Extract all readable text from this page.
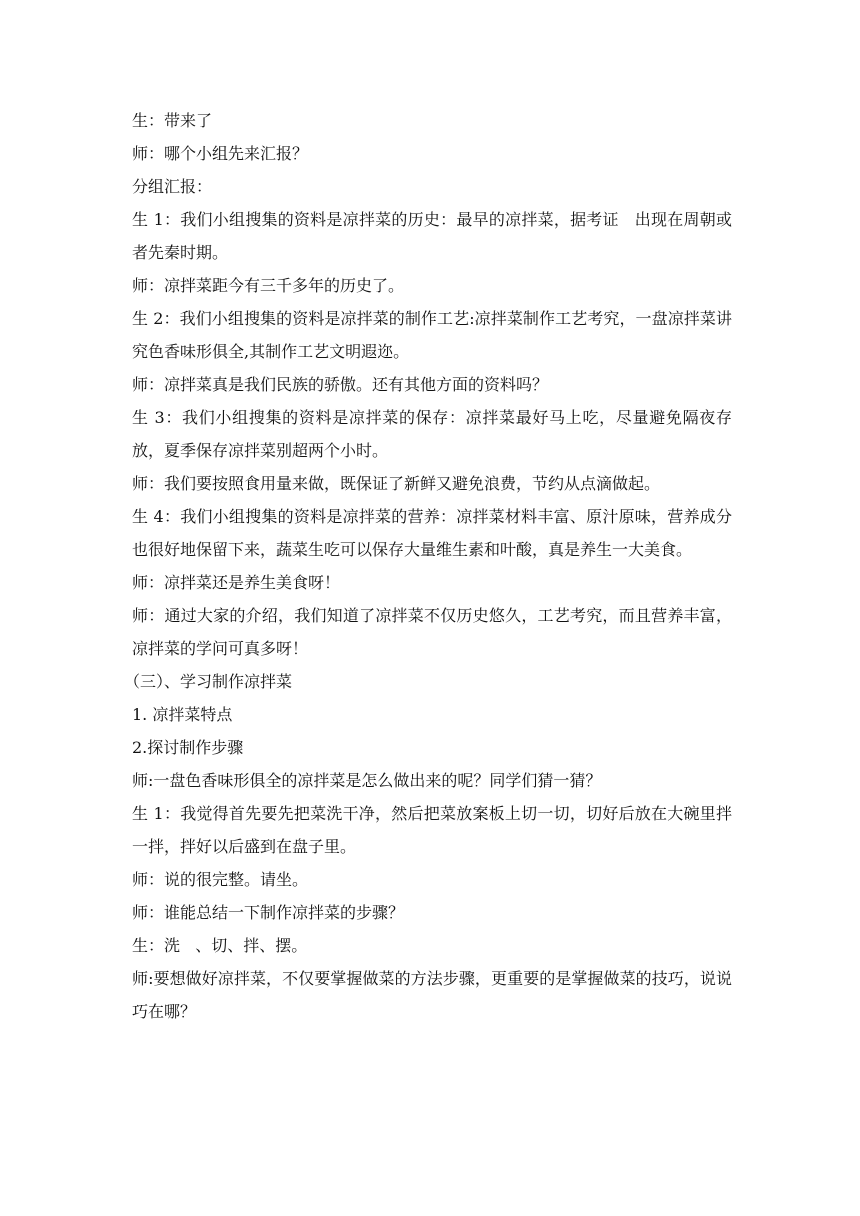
生：带来了

师：哪个小组先来汇报？

分组汇报：

生 1：我们小组搜集的资料是凉拌菜的历史：最早的凉拌菜，据考证   出现在周朝或者先秦时期。

师：凉拌菜距今有三千多年的历史了。

生 2：我们小组搜集的资料是凉拌菜的制作工艺:凉拌菜制作工艺考究，一盘凉拌菜讲究色香味形俱全,其制作工艺文明遐迩。

师：凉拌菜真是我们民族的骄傲。还有其他方面的资料吗？

生 3：我们小组搜集的资料是凉拌菜的保存：凉拌菜最好马上吃，尽量避免隔夜存放，夏季保存凉拌菜别超两个小时。

师：我们要按照食用量来做，既保证了新鲜又避免浪费，节约从点滴做起。

生 4：我们小组搜集的资料是凉拌菜的营养：凉拌菜材料丰富、原汁原味，营养成分也很好地保留下来，蔬菜生吃可以保存大量维生素和叶酸，真是养生一大美食。

师：凉拌菜还是养生美食呀！

师：通过大家的介绍，我们知道了凉拌菜不仅历史悠久，工艺考究，而且营养丰富，凉拌菜的学问可真多呀！

（三）、学习制作凉拌菜

1. 凉拌菜特点

2.探讨制作步骤

师:一盘色香味形俱全的凉拌菜是怎么做出来的呢？同学们猜一猜？

生 1：我觉得首先要先把菜洗干净，然后把菜放案板上切一切，切好后放在大碗里拌一拌，拌好以后盛到在盘子里。

师：说的很完整。请坐。

师：谁能总结一下制作凉拌菜的步骤？

生：洗   、切、拌、摆。

师:要想做好凉拌菜，不仅要掌握做菜的方法步骤，更重要的是掌握做菜的技巧，说说巧在哪？
